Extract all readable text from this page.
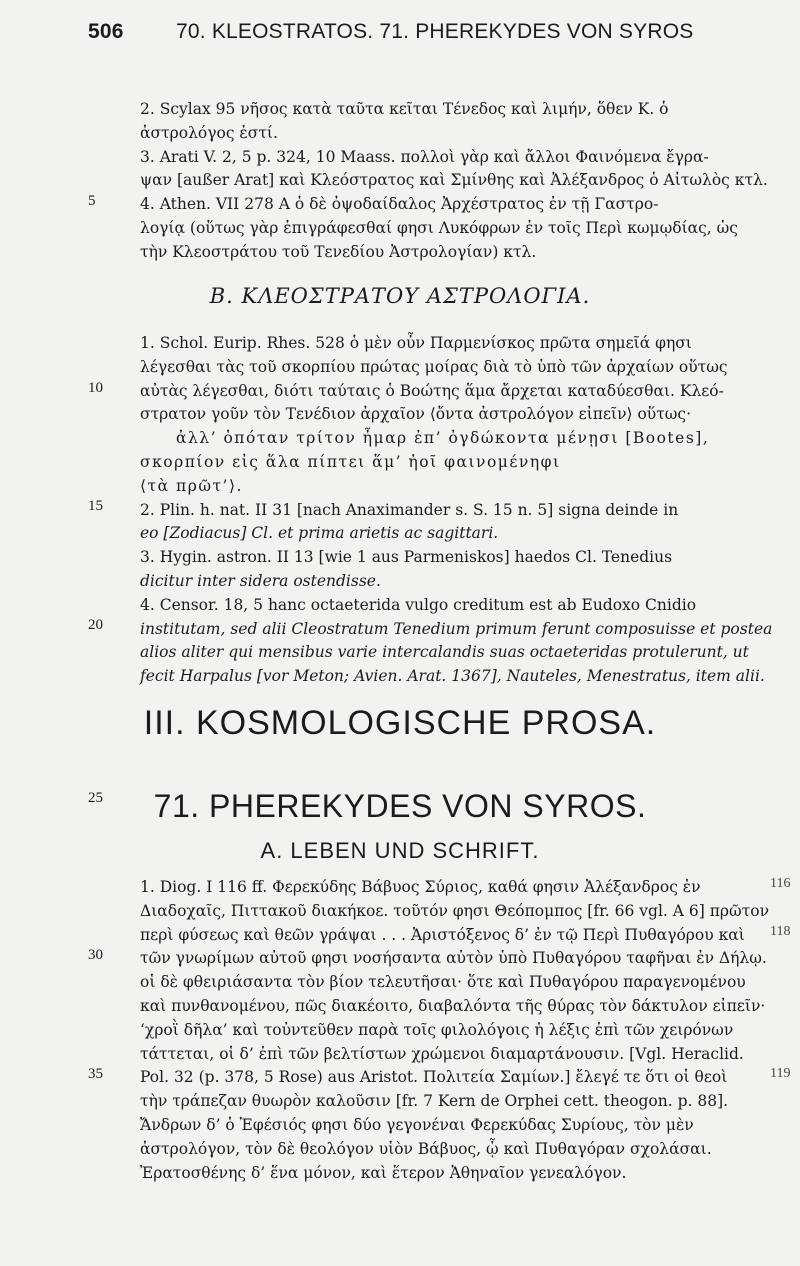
506 70. KLEOSTRATOS. 71. PHEREKYDES VON SYROS
2. Scylax 95 νῆσος κατὰ ταῦτα κεῖται Τένεδος καὶ λιμήν, ὅθεν Κ. ὁ
ἀστρολόγος ἐστί.
3. Arati V. 2, 5 p. 324, 10 Maass. πολλοὶ γὰρ καὶ ἄλλοι Φαινόμενα ἔγρα-
ψαν [außer Arat] καὶ Κλεόστρατος καὶ Σμίνθης καὶ Ἀλέξανδρος ὁ Αἰτωλὸς κτλ.
4. Athen. VII 278 A ὁ δὲ ὀψοδαίδαλος Ἀρχέστρατος ἐν τῇ Γαστρο-
λογίᾳ (οὕτως γὰρ ἐπιγράφεσθαί φησι Λυκόφρων ἐν τοῖς Περὶ κωμῳδίας, ὡς
τὴν Κλεοστράτου τοῦ Τενεδίου Ἀστρολογίαν) κτλ.
B. ΚΛΕΟΣΤΡΑΤΟΥ ΑΣΤΡΟΛΟΓΙΑ.
1. Schol. Eurip. Rhes. 528 ὁ μὲν οὖν Παρμενίσκος πρῶτα σημεῖά φησι
λέγεσθαι τὰς τοῦ σκορπίου πρώτας μοίρας διὰ τὸ ὑπὸ τῶν ἀρχαίων οὕτως
αὐτὰς λέγεσθαι, διότι ταύταις ὁ Βοώτης ἅμα ἄρχεται καταδύεσθαι. Κλεό-
στρατον γοῦν τὸν Τενέδιον ἀρχαῖον ⟨ὄντα ἀστρολόγον εἰπεῖν⟩ οὕτως·
ἀλλ’ ὁπόταν τρίτον ἦμαρ ἐπ’ ὀγδώκοντα μένῃσι [Bootes],
σκορπίον εἰς ἅλα πίπτει ἅμ’ ἠοῖ φαινομένηφι
⟨τὰ πρῶτ’⟩.
2. Plin. h. nat. II 31 [nach Anaximander s. S. 15 n. 5] signa deinde in
eo [Zodiacus] Cl. et prima arietis ac sagittari.
3. Hygin. astron. II 13 [wie 1 aus Parmeniskos] haedos Cl. Tenedius
dicitur inter sidera ostendisse.
4. Censor. 18, 5 hanc octaeterida vulgo creditum est ab Eudoxo Cnidio
institutam, sed alii Cleostratum Tenedium primum ferunt composuisse et postea
alios aliter qui mensibus varie intercalandis suas octaeteridas protulerunt, ut
fecit Harpalus [vor Meton; Avien. Arat. 1367], Nauteles, Menestratus, item alii.
III. KOSMOLOGISCHE PROSA.
71. PHEREKYDES VON SYROS.
A. LEBEN UND SCHRIFT.
1. Diog. I 116 ff. Φερεκύδης Βάβυος Σύριος, καθά φησιν Ἀλέξανδρος ἐν
Διαδοχαῖς, Πιττακοῦ διακήκοε. τοῦτόν φησι Θεόπομπος [fr. 66 vgl. A 6] πρῶτον
περὶ φύσεως καὶ θεῶν γράψαι . . . Ἀριστόξενος δ’ ἐν τῷ Περὶ Πυθαγόρου καὶ
τῶν γνωρίμων αὐτοῦ φησι νοσήσαντα αὐτὸν ὑπὸ Πυθαγόρου ταφῆναι ἐν Δήλῳ.
οἱ δὲ φθειριάσαντα τὸν βίον τελευτῆσαι· ὅτε καὶ Πυθαγόρου παραγενομένου
καὶ πυνθανομένου, πῶς διακέοιτο, διαβαλόντα τῆς θύρας τὸν δάκτυλον εἰπεῖν·
‘χροῒ δῆλα’ καὶ τοὐντεῦθεν παρὰ τοῖς φιλολόγοις ἡ λέξις ἐπὶ τῶν χειρόνων
τάττεται, οἱ δ’ ἐπὶ τῶν βελτίστων χρώμενοι διαμαρτάνουσιν. [Vgl. Heraclid.
Pol. 32 (p. 378, 5 Rose) aus Aristot. Πολιτεία Σαμίων.] ἔλεγέ τε ὅτι οἱ θεοὶ
τὴν τράπεζαν θυωρὸν καλοῦσιν [fr. 7 Kern de Orphei cett. theogon. p. 88].
Ἄνδρων δ’ ὁ Ἐφέσιός φησι δύο γεγονέναι Φερεκύδας Συρίους, τὸν μὲν
ἀστρολόγον, τὸν δὲ θεολόγον υἱὸν Βάβυος, ᾧ καὶ Πυθαγόραν σχολάσαι.
Ἐρατοσθένης δ’ ἕνα μόνον, καὶ ἕτερον Ἀθηναῖον γενεαλόγον.
5
10
15
20
25
30
35
116
118
119
